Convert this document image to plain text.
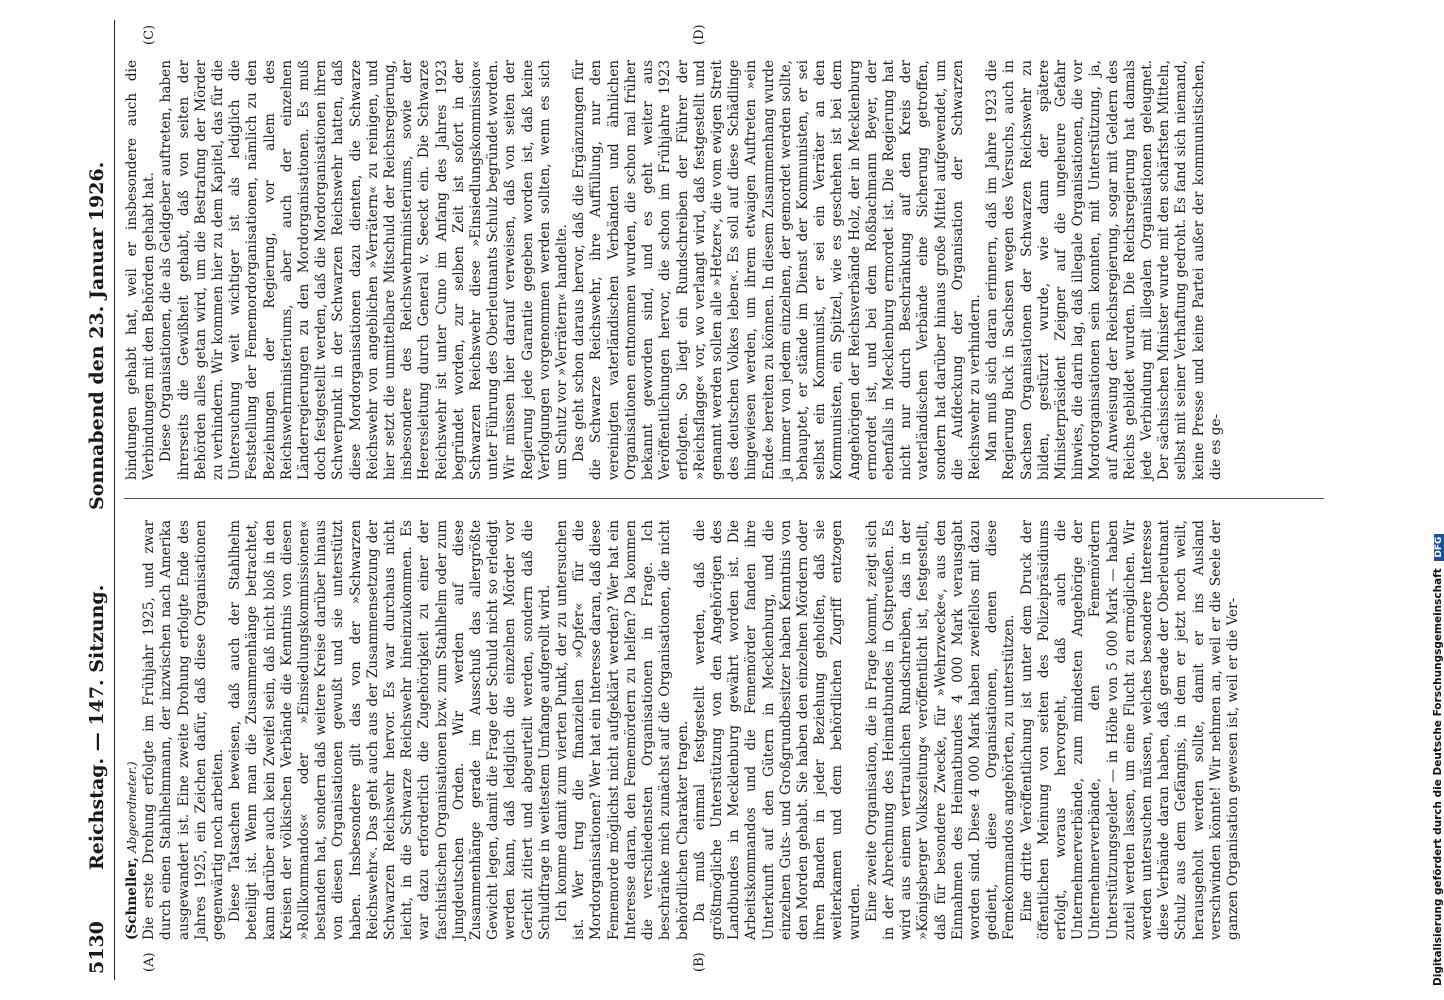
5130
Reichstag. — 147. Sitzung.
Sonnabend den 23. Januar 1926.
(A)	(B)
(C)	(D)

(Schneller, Abgeordneter.) Die erste Drohung erfolgte im Frühjahr 1925, und zwar durch einen Stahlhelmmann, der inzwischen nach Amerika ausgewandert ist. Eine zweite Drohung erfolgte Ende des Jahres 1925, ein Zeichen dafür, daß diese Organisationen gegenwärtig noch arbeiten. Diese Tatsachen beweisen, daß auch der Stahlhelm beteiligt ist. Wenn man die Zusammenhänge betrachtet, kann darüber auch kein Zweifel sein, daß nicht bloß in den Kreisen der völkischen Verbände die Kenntnis von diesen »Rollkommandos« oder »Einsiedlungskommissionen« bestanden hat, sondern daß weitere Kreise darüber hinaus von diesen Organisationen gewußt und sie unterstützt haben. Insbesondere gilt das von der »Schwarzen Reichswehr«. Das geht auch aus der Zusammensetzung der Schwarzen Reichswehr hervor. Es war durchaus nicht leicht, in die Schwarze Reichswehr hineinzukommen. Es war dazu erforderlich die Zugehörigkeit zu einer der faschistischen Organisationen bzw. zum Stahlhelm oder zum Jungdeutschen Orden. Wir werden auf diese Zusammenhänge gerade im Ausschuß das allergrößte Gewicht legen, damit die Frage der Schuld nicht so erledigt werden kann, daß lediglich die einzelnen Mörder vor Gericht zitiert und abgeurteilt werden, sondern daß die Schuldfrage in weitestem Umfange aufgerollt wird. Ich komme damit zum vierten Punkt, der zu untersuchen ist. Wer trug die finanziellen »Opfer« für die Mordorganisationen? Wer hat ein Interesse daran, daß diese Fememorde möglichst nicht aufgeklärt werden? Wer hat ein Interesse daran, den Fememördern zu helfen? Da kommen die verschiedensten Organisationen in Frage. Ich beschränke mich zunächst auf die Organisationen, die nicht behördlichen Charakter tragen. Da muß einmal festgestellt werden, daß die größtmögliche Unterstützung von den Angehörigen des Landbundes in Mecklenburg gewährt worden ist. Die Arbeitskommandos und die Fememörder fanden ihre Unterkunft auf den Gütern in Mecklenburg, und die einzelnen Guts- und Großgrundbesitzer haben Kenntnis von den Morden gehabt. Sie haben den einzelnen Mördern oder ihren Banden in jeder Beziehung geholfen, daß sie weiterkamen und dem behördlichen Zugriff entzogen wurden. Eine zweite Organisation, die in Frage kommt, zeigt sich in der Abrechnung des Heimatbundes in Ostpreußen. Es wird aus einem vertraulichen Rundschreiben, das in der »Königsberger Volkszeitung« veröffentlicht ist, festgestellt, daß für besondere Zwecke, für »Wehrzwecke«, aus den Einnahmen des Heimatbundes 4 000 Mark verausgabt worden sind. Diese 4 000 Mark haben zweifellos mit dazu gedient, diese Organisationen, denen diese Femekommandos angehörten, zu unterstützen. Eine dritte Veröffentlichung ist unter dem Druck der öffentlichen Meinung von seiten des Polizeipräsidiums erfolgt, woraus hervorgeht, daß auch die Unternehmerverbände, zum mindesten Angehörige der Unternehmerverbände, den Fememördern Unterstützungsgelder — in Höhe von 5 000 Mark — haben zuteil werden lassen, um eine Flucht zu ermöglichen. Wir werden untersuchen müssen, welches besondere Interesse diese Verbände daran haben, daß gerade der Oberleutnant Schulz aus dem Gefängnis, in dem er jetzt noch weilt, herausgeholt werden sollte, damit er ins Ausland verschwinden könnte! Wir nehmen an, weil er die Seele der ganzen Organisation gewesen ist, weil er die Ver-

bindungen gehabt hat, weil er insbesondere auch die Verbindungen mit den Behörden gehabt hat. Diese Organisationen, die als Geldgeber auftreten, haben ihrerseits die Gewißheit gehabt, daß von seiten der Behörden alles getan wird, um die Bestrafung der Mörder zu verhindern. Wir kommen hier zu dem Kapitel, das für die Untersuchung weit wichtiger ist als lediglich die Feststellung der Fememordorganisationen, nämlich zu den Beziehungen der Regierung, vor allem des Reichswehrministeriums, aber auch der einzelnen Länderregierungen zu den Mordorganisationen. Es muß doch festgestellt werden, daß die Mordorganisationen ihren Schwerpunkt in der Schwarzen Reichswehr hatten, daß diese Mordorganisationen dazu dienten, die Schwarze Reichswehr von angeblichen »Verrätern« zu reinigen, und hier setzt die unmittelbare Mitschuld der Reichsregierung, insbesondere des Reichswehrministeriums, sowie der Heeresleitung durch General v. Seeckt ein. Die Schwarze Reichswehr ist unter Cuno im Anfang des Jahres 1923 begründet worden, zur selben Zeit ist sofort in der Schwarzen Reichswehr diese »Einsiedlungskommission« unter Führung des Oberleutnants Schulz begründet worden. Wir müssen hier darauf verweisen, daß von seiten der Regierung jede Garantie gegeben worden ist, daß keine Verfolgungen vorgenommen werden sollten, wenn es sich um Schutz vor »Verrätern« handelte. Das geht schon daraus hervor, daß die Ergänzungen für die Schwarze Reichswehr, ihre Auffüllung, nur den vereinigten vaterländischen Verbänden und ähnlichen Organisationen entnommen wurden, die schon mal früher bekannt geworden sind, und es geht weiter aus Veröffentlichungen hervor, die schon im Frühjahre 1923 erfolgten. So liegt ein Rundschreiben der Führer der »Reichsflagge« vor, wo verlangt wird, daß festgestellt und genannt werden sollen alle »Hetzer«, die vom ewigen Streit des deutschen Volkes leben«. Es soll auf diese Schädlinge hingewiesen werden, um ihrem etwaigen Auftreten »ein Ende« bereiten zu können. In diesem Zusammenhang wurde ja immer von jedem einzelnen, der gemordet werden sollte, behauptet, er stände im Dienst der Kommunisten, er sei selbst ein Kommunist, er sei ein Verräter an den Kommunisten, ein Spitzel, wie es geschehen ist bei dem Angehörigen der Reichsverbände Holz, der in Mecklenburg ermordet ist, und bei dem Roßbachmann Beyer, der ebenfalls in Mecklenburg ermordet ist. Die Regierung hat nicht nur durch Beschränkung auf den Kreis der vaterländischen Verbände eine Sicherung getroffen, sondern hat darüber hinaus große Mittel aufgewendet, um die Aufdeckung der Organisation der Schwarzen Reichswehr zu verhindern. Man muß sich daran erinnern, daß im Jahre 1923 die Regierung Buck in Sachsen wegen des Versuchs, auch in Sachsen Organisationen der Schwarzen Reichswehr zu bilden, gestürzt wurde, wie dann der spätere Ministerpräsident Zeigner auf die ungeheure Gefahr hinwies, die darin lag, daß illegale Organisationen, die vor Mordorganisationen sein konnten, mit Unterstützung, ja, auf Anweisung der Reichsregierung, sogar mit Geldern des Reichs gebildet wurden. Die Reichsregierung hat damals jede Verbindung mit illegalen Organisationen geleugnet. Der sächsischen Minister wurde mit den schärfsten Mitteln, selbst mit seiner Verhaftung gedroht. Es fand sich niemand, keine Presse und keine Partei außer der kommunistischen, die es ge-

Digitalisierung gefördert durch die Deutsche Forschungsgemeinschaft DFG
